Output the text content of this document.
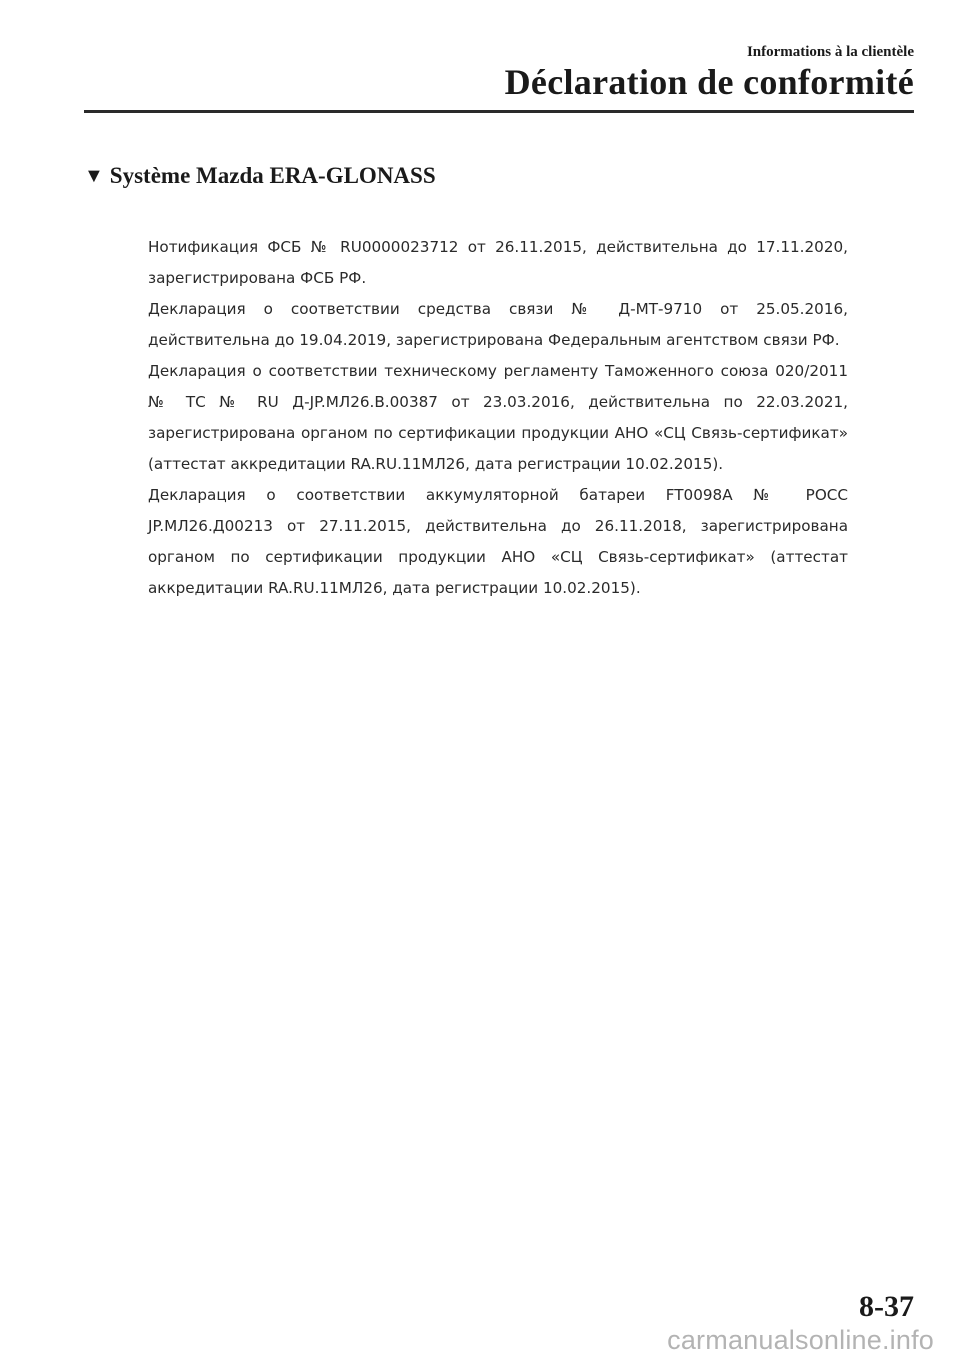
Informations à la clientèle
Déclaration de conformité
▼ Système Mazda ERA-GLONASS

Нотификация ФСБ № RU0000023712 от 26.11.2015, действительна до 17.11.2020, зарегистрирована ФСБ РФ.

Декларация о соответствии средства связи № Д-МТ-9710 от 25.05.2016, действительна до 19.04.2019, зарегистрирована Федеральным агентством связи РФ.

Декларация о соответствии техническому регламенту Таможенного союза 020/2011 № ТС № RU Д-JP.МЛ26.В.00387 от 23.03.2016, действительна по 22.03.2021, зарегистрирована органом по сертификации продукции АНО «СЦ Связь-сертификат» (аттестат аккредитации RA.RU.11МЛ26, дата регистрации 10.02.2015).

Декларация о соответствии аккумуляторной батареи FT0098A № РОСС JP.МЛ26.Д00213 от 27.11.2015, действительна до 26.11.2018, зарегистрирована органом по сертификации продукции АНО «СЦ Связь-сертификат» (аттестат аккредитации RA.RU.11МЛ26, дата регистрации 10.02.2015).

8-37
carmanualsonline.info
